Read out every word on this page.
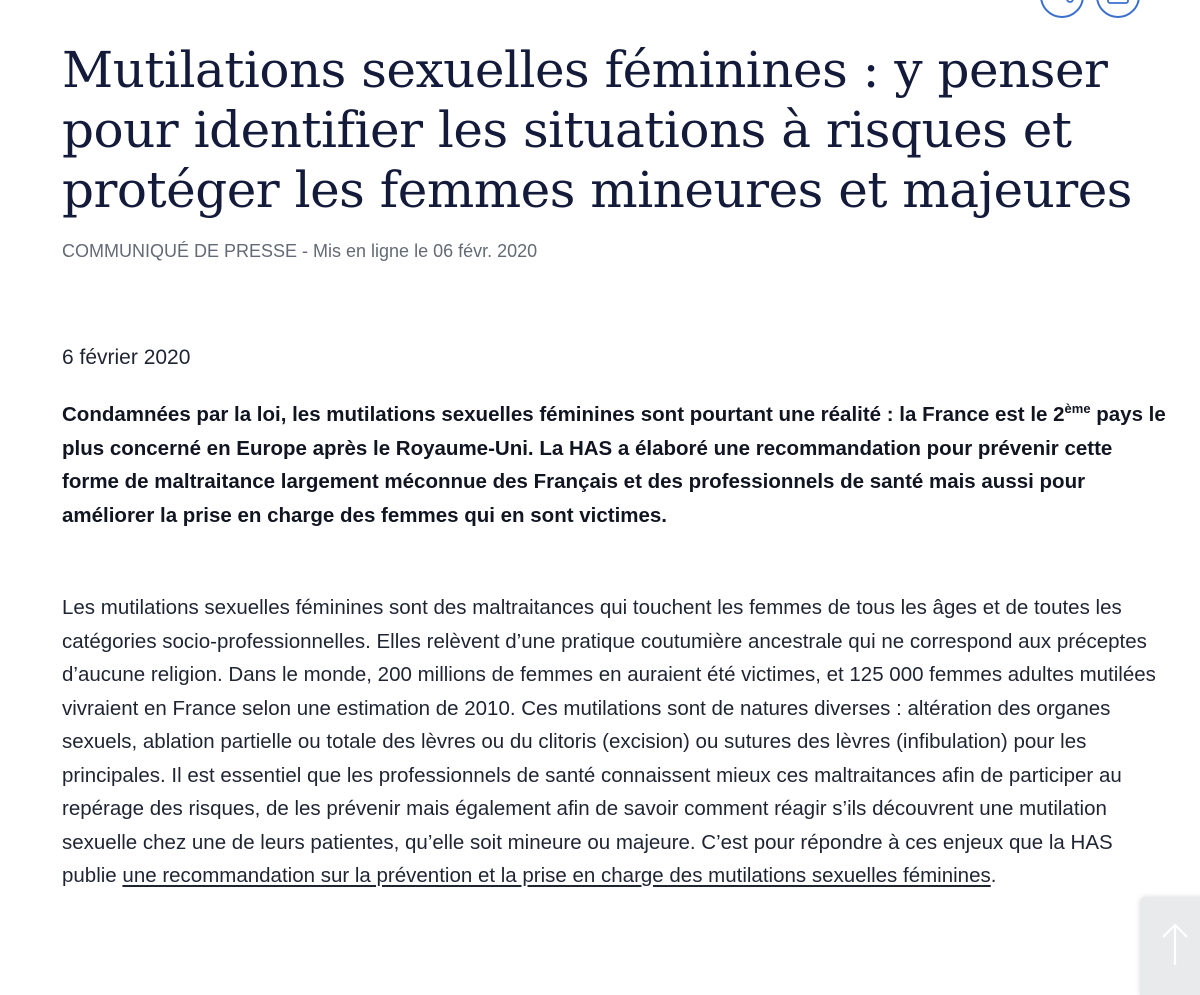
Mutilations sexuelles féminines : y penser pour identifier les situations à risques et protéger les femmes mineures et majeures
COMMUNIQUÉ DE PRESSE - Mis en ligne le 06 févr. 2020
6 février 2020

Condamnées par la loi, les mutilations sexuelles féminines sont pourtant une réalité : la France est le 2ème pays le plus concerné en Europe après le Royaume-Uni. La HAS a élaboré une recommandation pour prévenir cette forme de maltraitance largement méconnue des Français et des professionnels de santé mais aussi pour améliorer la prise en charge des femmes qui en sont victimes.

Les mutilations sexuelles féminines sont des maltraitances qui touchent les femmes de tous les âges et de toutes les catégories socio-professionnelles. Elles relèvent d’une pratique coutumière ancestrale qui ne correspond aux préceptes d’aucune religion. Dans le monde, 200 millions de femmes en auraient été victimes, et 125 000 femmes adultes mutilées vivraient en France selon une estimation de 2010. Ces mutilations sont de natures diverses : altération des organes sexuels, ablation partielle ou totale des lèvres ou du clitoris (excision) ou sutures des lèvres (infibulation) pour les principales. Il est essentiel que les professionnels de santé connaissent mieux ces maltraitances afin de participer au repérage des risques, de les prévenir mais également afin de savoir comment réagir s’ils découvrent une mutilation sexuelle chez une de leurs patientes, qu’elle soit mineure ou majeure. C’est pour répondre à ces enjeux que la HAS publie une recommandation sur la prévention et la prise en charge des mutilations sexuelles féminines.
